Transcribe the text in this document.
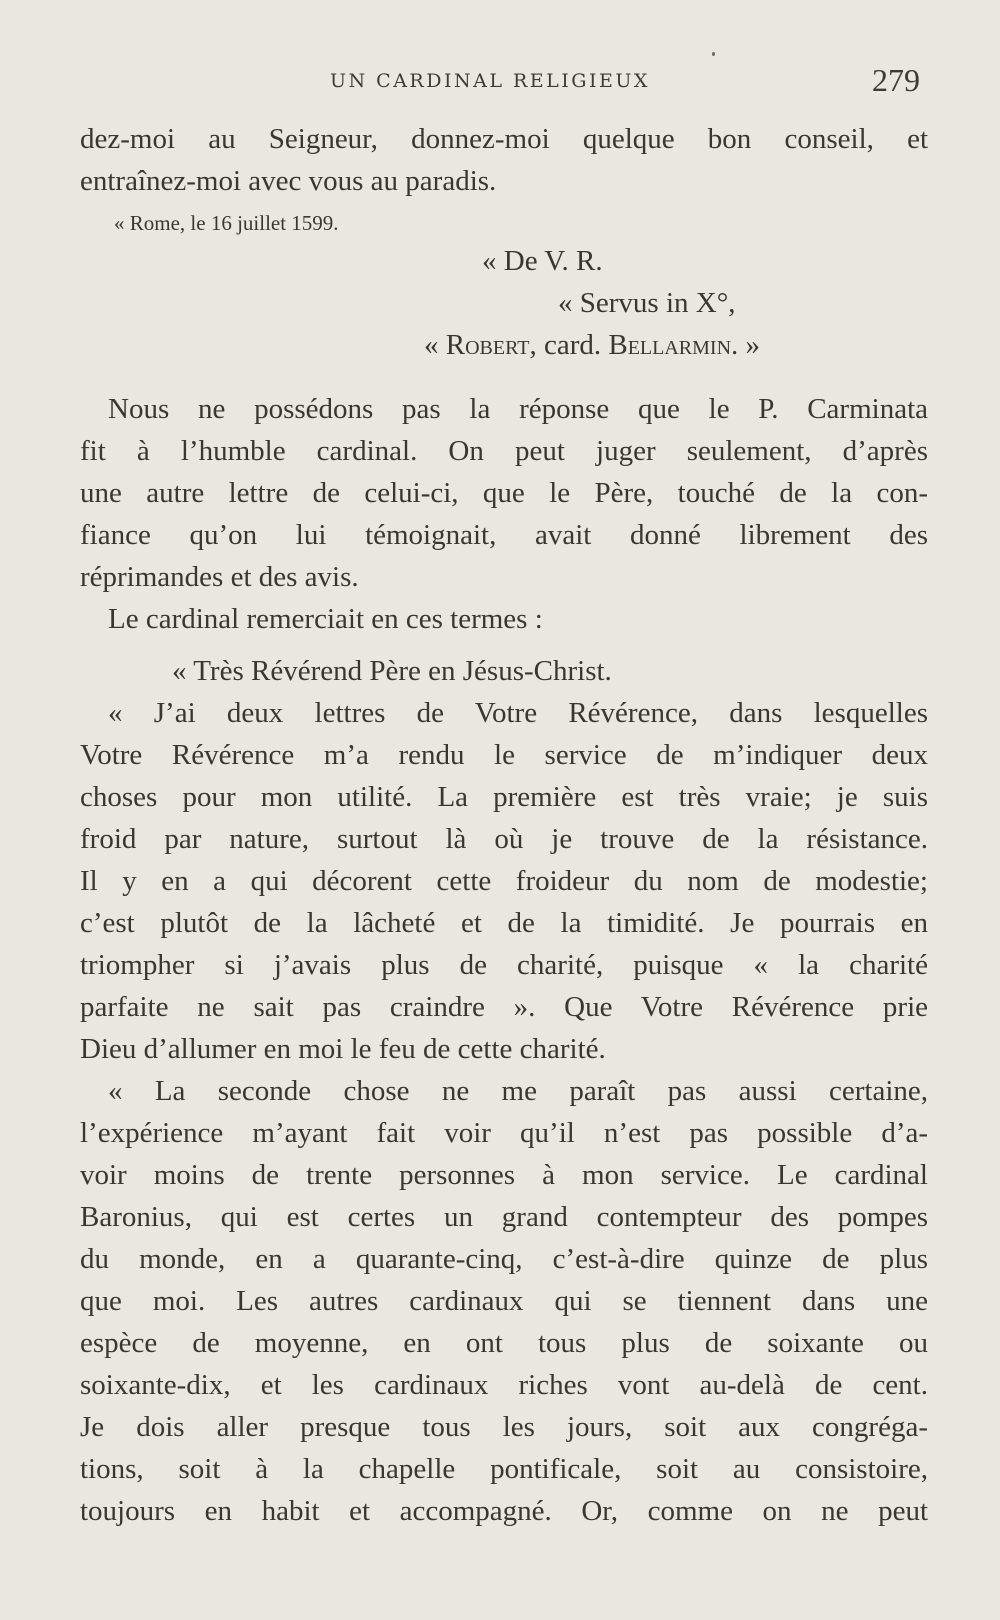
UN CARDINAL RELIGIEUX	279
dez-moi au Seigneur, donnez-moi quelque bon conseil, et
entraînez-moi avec vous au paradis.
« Rome, le 16 juillet 1599.
« De V. R.
« Servus in X°,
« Robert, card. Bellarmin. »
Nous ne possédons pas la réponse que le P. Carminata
fit à l’humble cardinal. On peut juger seulement, d’après
une autre lettre de celui-ci, que le Père, touché de la con-
fiance qu’on lui témoignait, avait donné librement des
réprimandes et des avis.
Le cardinal remerciait en ces termes :
« Très Révérend Père en Jésus-Christ.
« J’ai deux lettres de Votre Révérence, dans lesquelles
Votre Révérence m’a rendu le service de m’indiquer deux
choses pour mon utilité. La première est très vraie; je suis
froid par nature, surtout là où je trouve de la résistance.
Il y en a qui décorent cette froideur du nom de modestie;
c’est plutôt de la lâcheté et de la timidité. Je pourrais en
triompher si j’avais plus de charité, puisque « la charité
parfaite ne sait pas craindre ». Que Votre Révérence prie
Dieu d’allumer en moi le feu de cette charité.
« La seconde chose ne me paraît pas aussi certaine,
l’expérience m’ayant fait voir qu’il n’est pas possible d’a-
voir moins de trente personnes à mon service. Le cardinal
Baronius, qui est certes un grand contempteur des pompes
du monde, en a quarante-cinq, c’est-à-dire quinze de plus
que moi. Les autres cardinaux qui se tiennent dans une
espèce de moyenne, en ont tous plus de soixante ou
soixante-dix, et les cardinaux riches vont au-delà de cent.
Je dois aller presque tous les jours, soit aux congréga-
tions, soit à la chapelle pontificale, soit au consistoire,
toujours en habit et accompagné. Or, comme on ne peut
